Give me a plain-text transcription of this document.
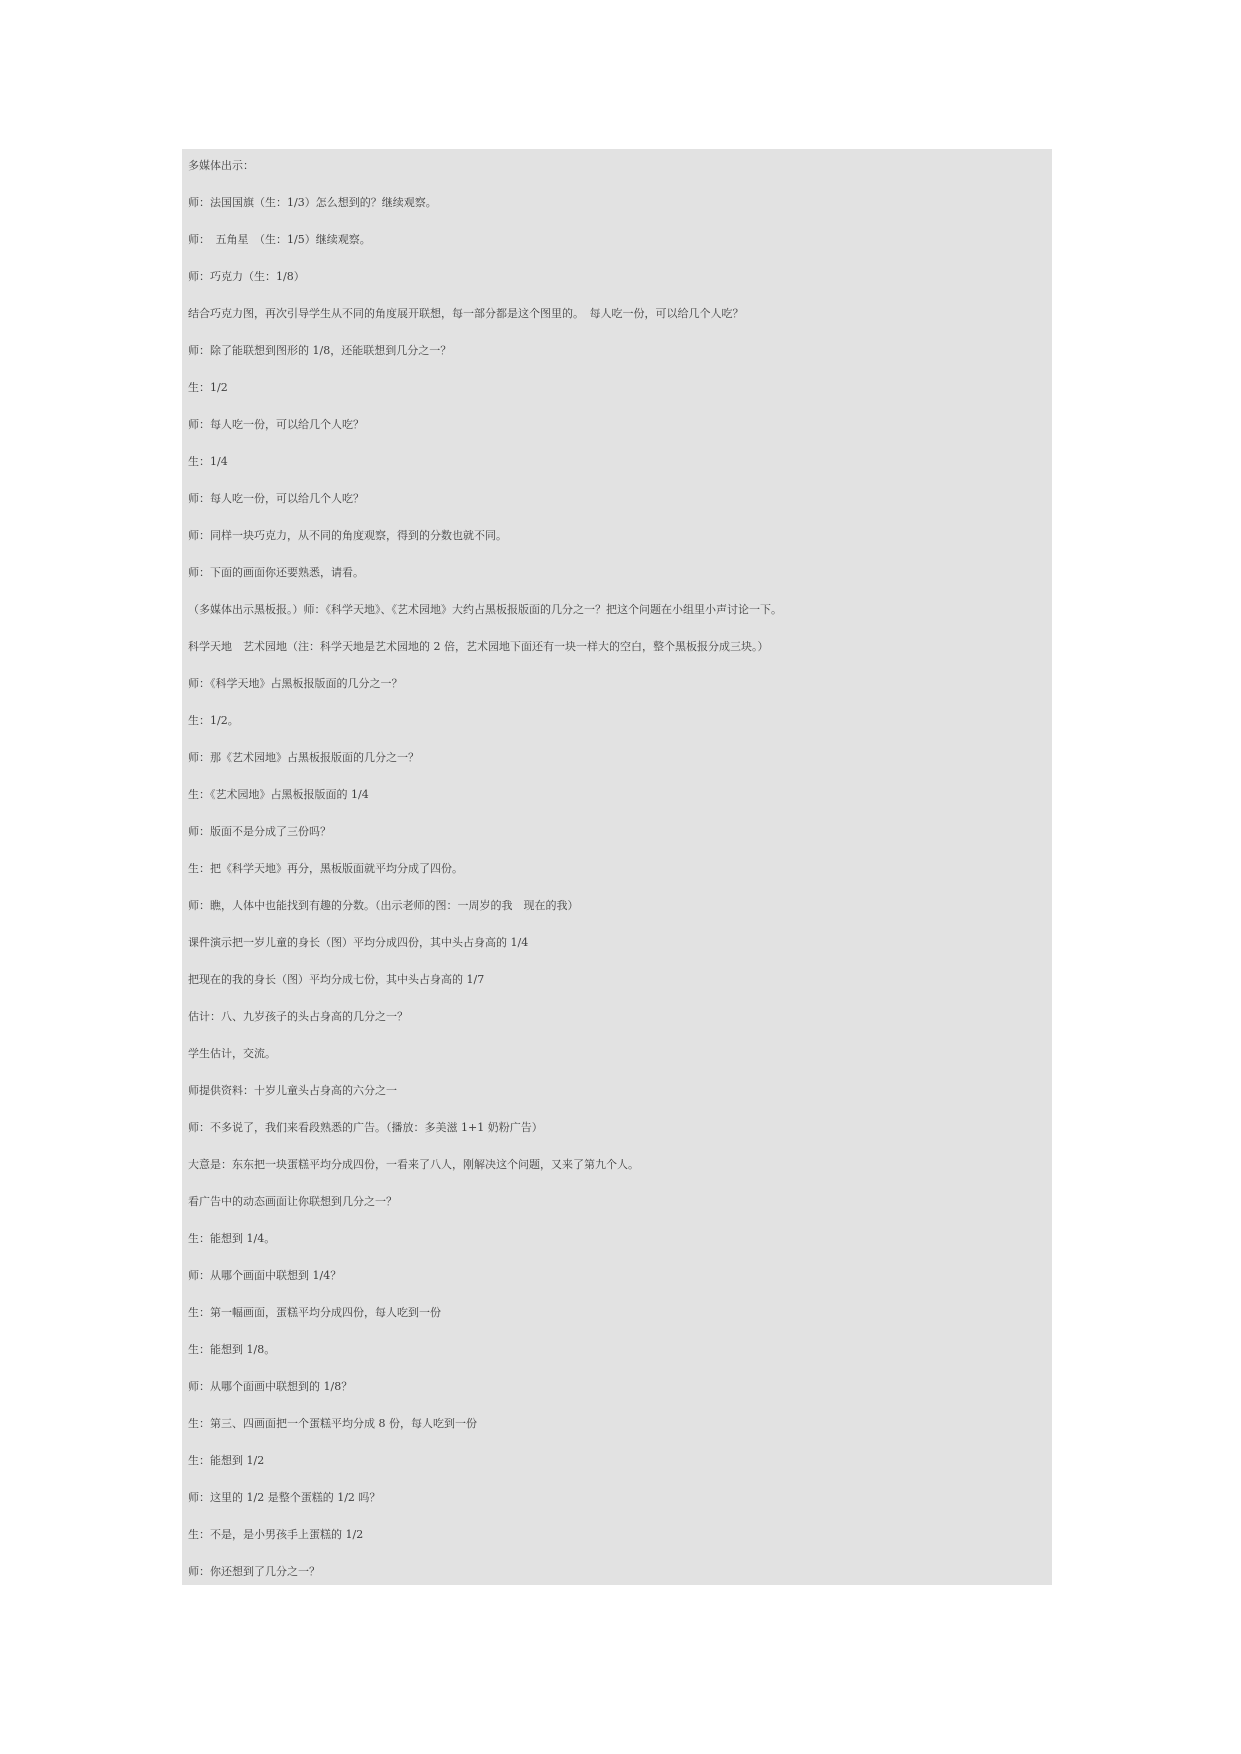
多媒体出示：
师：法国国旗（生：1/3）怎么想到的？继续观察。
师：　五角星　（生：1/5）继续观察。
师：巧克力（生：1/8）
结合巧克力图，再次引导学生从不同的角度展开联想，每一部分都是这个图里的。　每人吃一份，可以给几个人吃？
师：除了能联想到图形的 1/8，还能联想到几分之一？
生：1/2
师：每人吃一份，可以给几个人吃？
生：1/4
师：每人吃一份，可以给几个人吃？
师：同样一块巧克力，从不同的角度观察，得到的分数也就不同。
师：下面的画面你还要熟悉，请看。
（多媒体出示黑板报。）师：《科学天地》、《艺术园地》大约占黑板报版面的几分之一？把这个问题在小组里小声讨论一下。
科学天地　艺术园地（注：科学天地是艺术园地的 2 倍，艺术园地下面还有一块一样大的空白，整个黑板报分成三块。）
师：《科学天地》占黑板报版面的几分之一？
生：1/2。
师：那《艺术园地》占黑板报版面的几分之一？
生：《艺术园地》占黑板报版面的 1/4
师：版面不是分成了三份吗？
生：把《科学天地》再分，黑板版面就平均分成了四份。
师：瞧，人体中也能找到有趣的分数。（出示老师的图：一周岁的我　现在的我）
课件演示把一岁儿童的身长（图）平均分成四份，其中头占身高的 1/4
把现在的我的身长（图）平均分成七份，其中头占身高的 1/7
估计：八、九岁孩子的头占身高的几分之一？
学生估计，交流。
师提供资料：十岁儿童头占身高的六分之一
师：不多说了，我们来看段熟悉的广告。（播放：多美滋 1+1 奶粉广告）
大意是：东东把一块蛋糕平均分成四份，一看来了八人，刚解决这个问题，又来了第九个人。
看广告中的动态画面让你联想到几分之一？
生：能想到 1/4。
师：从哪个画面中联想到 1/4？
生：第一幅画面，蛋糕平均分成四份，每人吃到一份
生：能想到 1/8。
师：从哪个面画中联想到的 1/8？
生：第三、四画面把一个蛋糕平均分成 8 份，每人吃到一份
生：能想到 1/2
师：这里的 1/2 是整个蛋糕的 1/2 吗？
生：不是，是小男孩手上蛋糕的 1/2
师：你还想到了几分之一？
